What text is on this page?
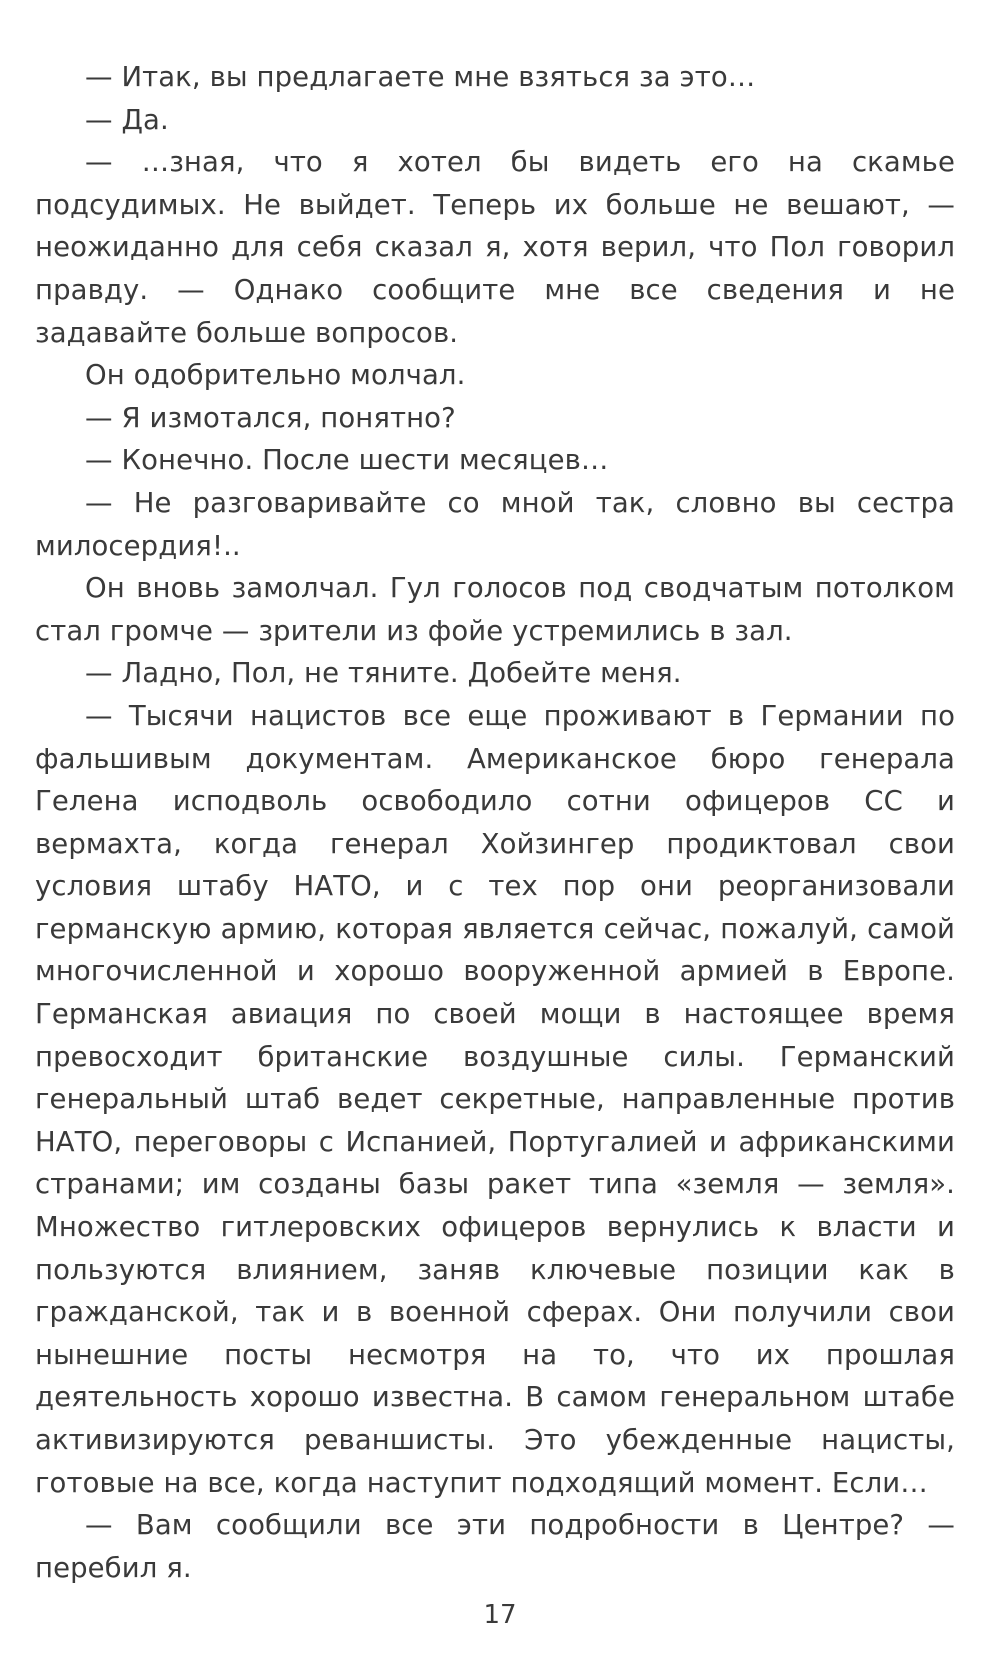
— Итак, вы предлагаете мне взяться за это…

— Да.

— …зная, что я хотел бы видеть его на скамье подсудимых. Не выйдет. Теперь их больше не вешают, — неожиданно для себя сказал я, хотя верил, что Пол говорил правду. — Однако сообщите мне все сведения и не задавайте больше вопросов.

Он одобрительно молчал.

— Я измотался, понятно?

— Конечно. После шести месяцев…

— Не разговаривайте со мной так, словно вы сестра милосердия!..

Он вновь замолчал. Гул голосов под сводчатым потолком стал громче — зрители из фойе устремились в зал.

— Ладно, Пол, не тяните. Добейте меня.

— Тысячи нацистов все еще проживают в Германии по фальшивым документам. Американское бюро генерала Гелена исподволь освободило сотни офицеров СС и вермахта, когда генерал Хойзингер продиктовал свои условия штабу НАТО, и с тех пор они реорганизовали германскую армию, которая является сейчас, пожалуй, самой многочисленной и хорошо вооруженной армией в Европе. Германская авиация по своей мощи в настоящее время превосходит британские воздушные силы. Германский генеральный штаб ведет секретные, направленные против НАТО, переговоры с Испанией, Португалией и африканскими странами; им созданы базы ракет типа «земля — земля». Множество гитлеровских офицеров вернулись к власти и пользуются влиянием, заняв ключевые позиции как в гражданской, так и в военной сферах. Они получили свои нынешние посты несмотря на то, что их прошлая деятельность хорошо известна. В самом генеральном штабе активизируются реваншисты. Это убежденные нацисты, готовые на все, когда наступит подходящий момент. Если…

— Вам сообщили все эти подробности в Центре? — перебил я.

17
